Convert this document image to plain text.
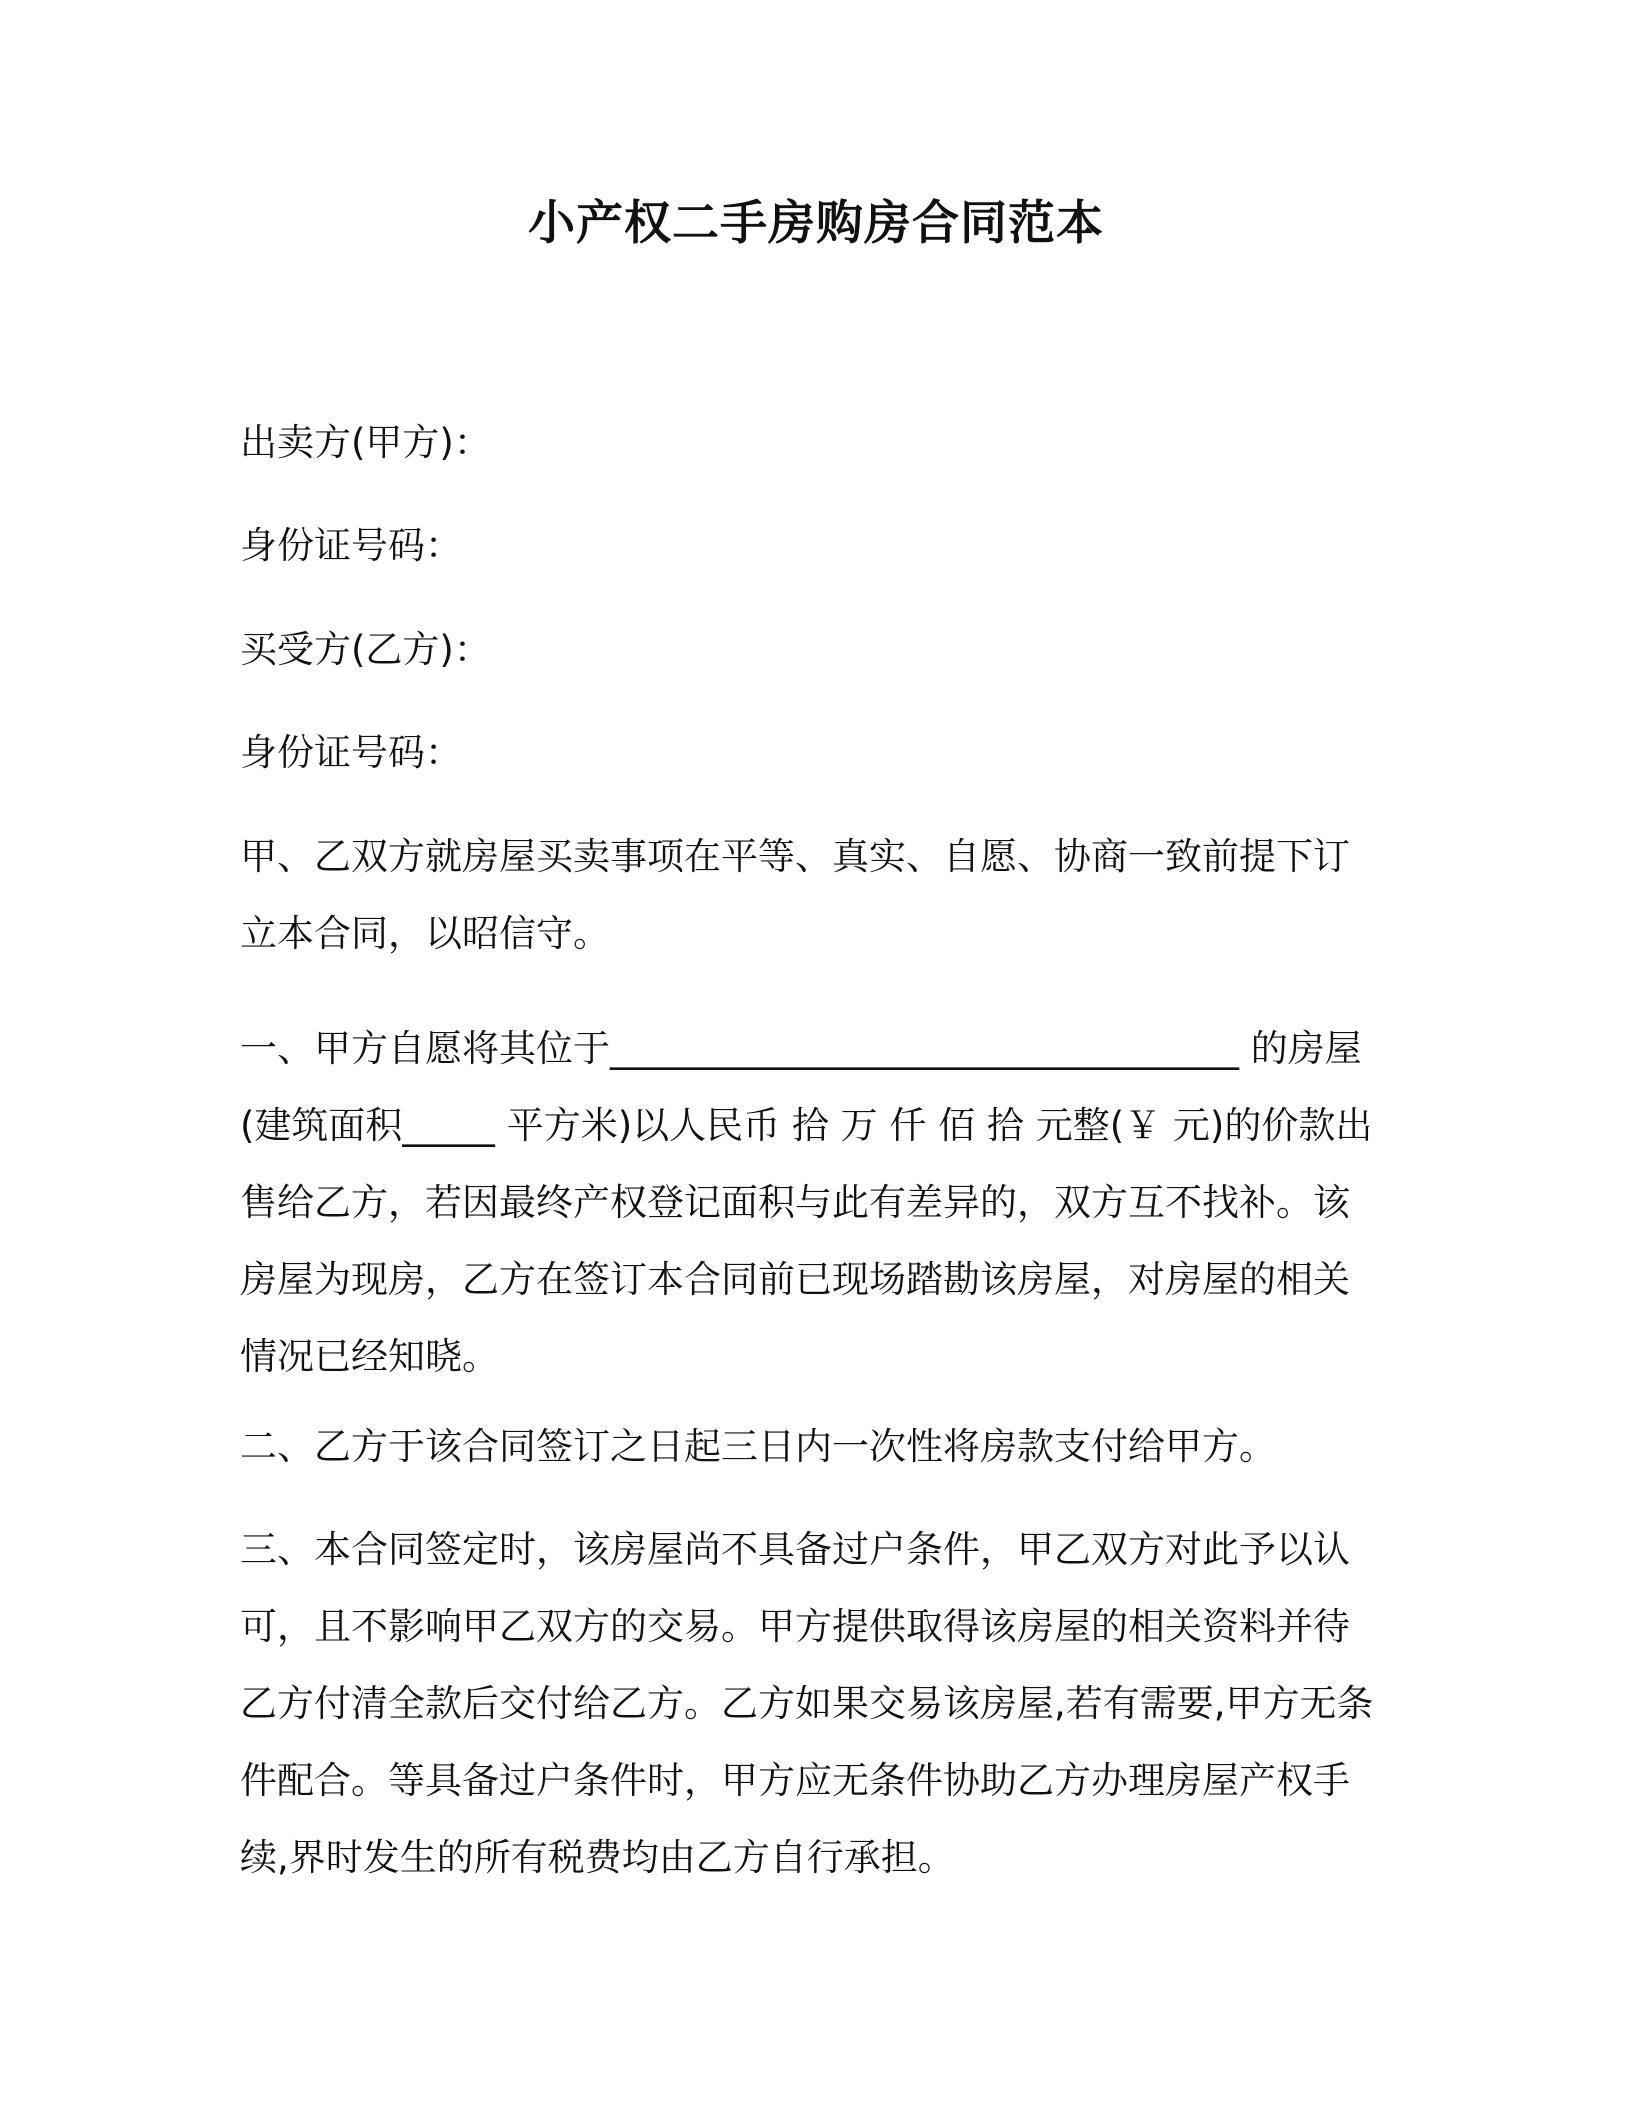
小产权二手房购房合同范本

出卖方(甲方)：

身份证号码：

买受方(乙方)：

身份证号码：

甲、乙双方就房屋买卖事项在平等、真实、自愿、协商一致前提下订
立本合同，以昭信守。
一、甲方自愿将其位于__________________________________ 的房屋
(建筑面积_____ 平方米)以人民币 拾 万 仟 佰 拾 元整(￥ 元)的价款出
售给乙方，若因最终产权登记面积与此有差异的，双方互不找补。该
房屋为现房，乙方在签订本合同前已现场踏勘该房屋，对房屋的相关
情况已经知晓。
二、乙方于该合同签订之日起三日内一次性将房款支付给甲方。
三、本合同签定时，该房屋尚不具备过户条件，甲乙双方对此予以认
可，且不影响甲乙双方的交易。甲方提供取得该房屋的相关资料并待
乙方付清全款后交付给乙方。乙方如果交易该房屋,若有需要,甲方无条
件配合。等具备过户条件时，甲方应无条件协助乙方办理房屋产权手
续,界时发生的所有税费均由乙方自行承担。
